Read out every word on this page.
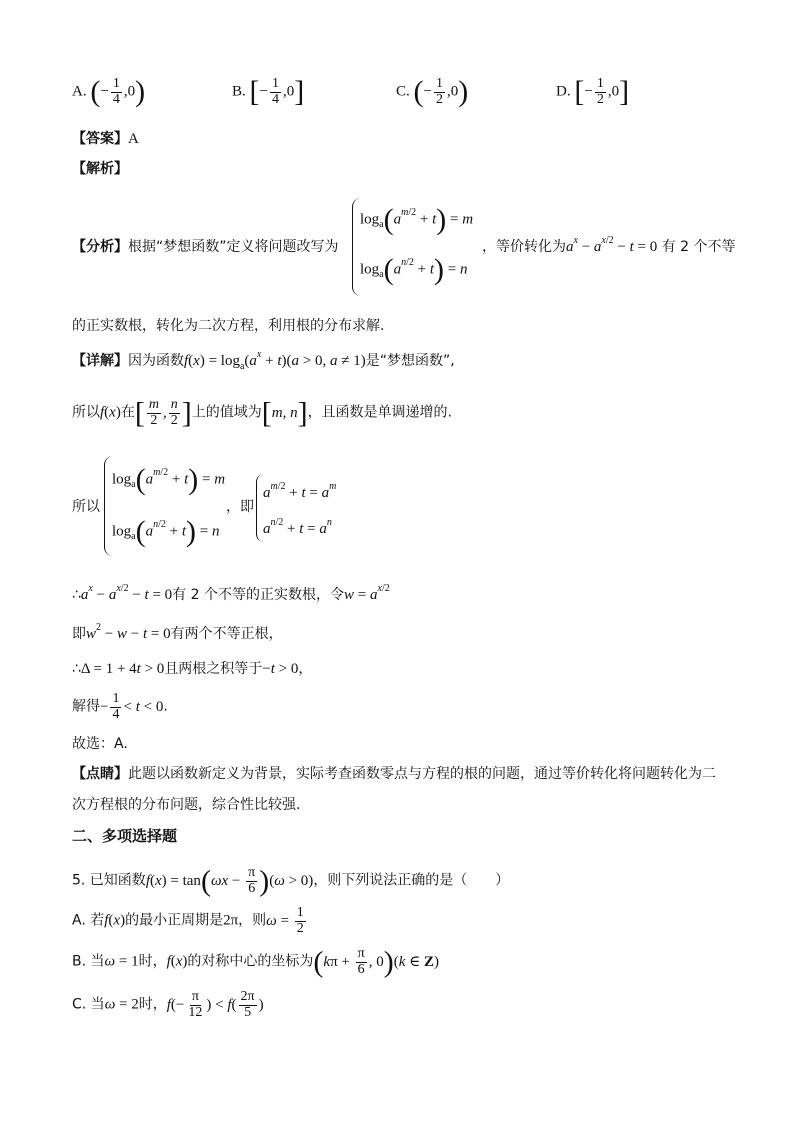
A. (− $\frac{1}{4} ,0$)	B. [− $\frac{1}{4} ,0$]	C. (− $\frac{1}{2} ,0$)	D. [− $\frac{1}{2} ,0$]
【答案】A
【解析】
【分析】根据“梦想函数”定义将问题改写为
$\log_a(a^{m/2} + t) = m$
$\log_a(a^{n/2} + t) = n$
，等价转化为$a^x - a^{x/2} - t = 0$ 有 2 个不等
的正实数根，转化为二次方程，利用根的分布求解.
【详解】因为函数$f(x) = \log_a(a^x + t)(a > 0$, a ≠ 1)是“梦想函数”,
所以f(x)在[ $\frac{m}{2}$ , $\frac{n}{2}$ ]上的值域为[m, n]，且函数是单调递增的.
所以
$\log_a(a^{m/2} + t) = m$
$\log_a(a^{n/2} + t) = n$
，即
$a^{m/2} + t = a^m$
$a^{n/2} + t = a^n$
$\therefore a^x - a^{x/2} - t = 0$有 2 个不等的正实数根，令$w = a^{x/2}$
即$w^2 - w - t = 0$有两个不等正根，
∴Δ = 1 + 4t > 0且两根之积等于−t > 0，
解得− $\frac{1}{4} < t < 0$.
故选：A.
【点睛】此题以函数新定义为背景，实际考查函数零点与方程的根的问题，通过等价转化将问题转化为二
次方程根的分布问题，综合性比较强.
二、多项选择题
5. 已知函数$f(x) = \tan(\omega x - \frac{\pi}{6} )(\omega > 0)$，则下列说法正确的是（　　）
A. 若f(x)的最小正周期是2π，则$\omega = \frac{1}{2}$
B. 当ω = 1时，f(x)的对称中心的坐标为($k\pi + \frac{\pi}{6}$ , 0)(k ∈ Z)
C. 当ω = 2时，$f(- \frac{\pi}{12}$ ) < $f( \frac{2\pi}{5}$ )
